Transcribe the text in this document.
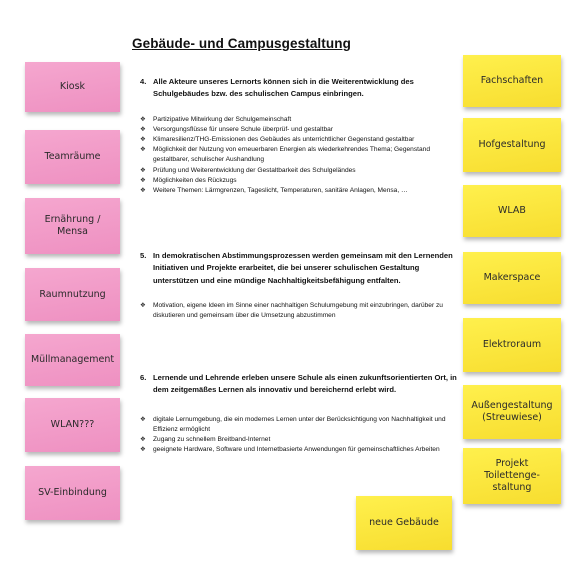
Gebäude- und Campusgestaltung
Kiosk
Teamräume
Ernährung / Mensa
Raumnutzung
Müllmanagement
WLAN???
SV-Einbindung
Fachschaften
Hofgestaltung
WLAB
Makerspace
Elektroraum
Außengestaltung (Streuwiese)
Projekt Toilettenge-staltung
neue Gebäude
4. Alle Akteure unseres Lernorts können sich in die Weiterentwicklung des Schulgebäudes bzw. des schulischen Campus einbringen.
❖	Partizipative Mitwirkung der Schulgemeinschaft
❖	Versorgungsflüsse für unsere Schule überprüf- und gestaltbar
❖	Klimaresilienz/THG-Emissionen des Gebäudes als unterrichtlicher Gegenstand gestaltbar
❖	Möglichkeit der Nutzung von erneuerbaren Energien als wiederkehrendes Thema; Gegenstand gestaltbarer, schulischer Aushandlung
❖	Prüfung und Weiterentwicklung der Gestaltbarkeit des Schulgeländes
❖	Möglichkeiten des Rückzugs
❖	Weitere Themen: Lärmgrenzen, Tageslicht, Temperaturen, sanitäre Anlagen, Mensa, …
5. In demokratischen Abstimmungsprozessen werden gemeinsam mit den Lernenden Initiativen und Projekte erarbeitet, die bei unserer schulischen Gestaltung unterstützen und eine mündige Nachhaltigkeitsbefähigung entfalten.
❖	Motivation, eigene Ideen im Sinne einer nachhaltigen Schulumgebung mit einzubringen, darüber zu diskutieren und gemeinsam über die Umsetzung abzustimmen
6. Lernende und Lehrende erleben unsere Schule als einen zukunftsorientierten Ort, in dem zeitgemäßes Lernen als innovativ und bereichernd erlebt wird.
❖	digitale Lernumgebung, die ein modernes Lernen unter der Berücksichtigung von Nachhaltigkeit und Effizienz ermöglicht
❖	Zugang zu schnellem Breitband-Internet
❖	geeignete Hardware, Software und Internetbasierte Anwendungen für gemeinschaftliches Arbeiten
